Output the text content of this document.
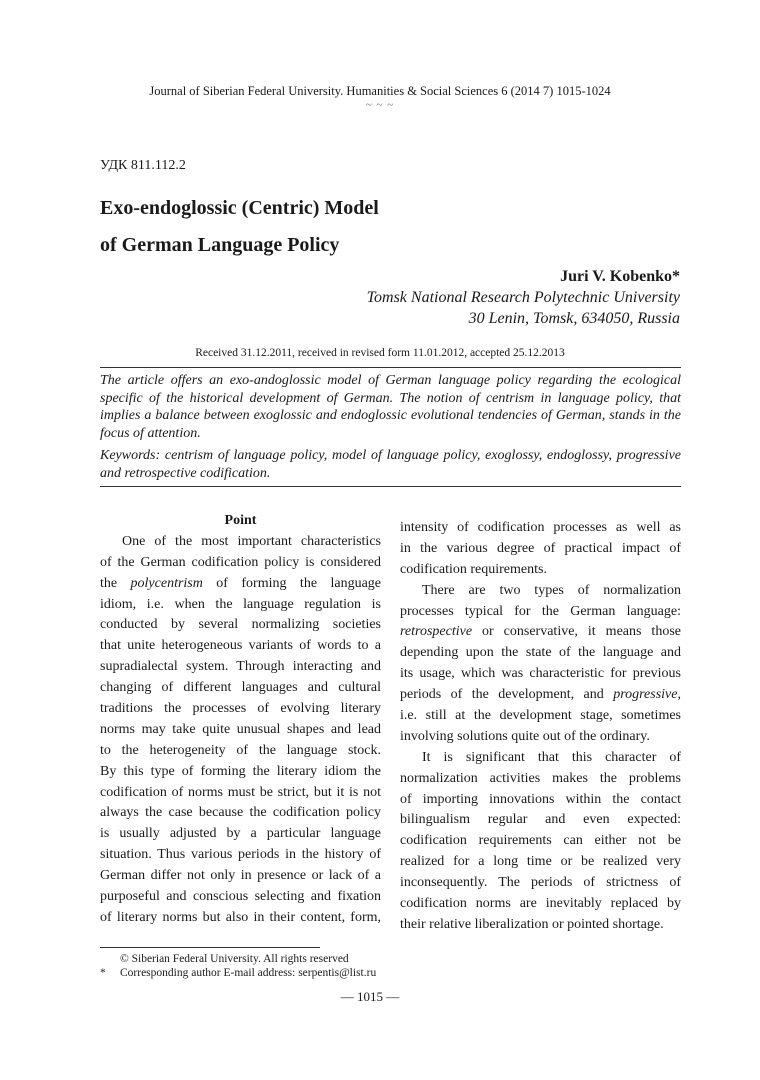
Journal of Siberian Federal University. Humanities & Social Sciences 6 (2014 7) 1015-1024
~ ~ ~
УДК 811.112.2
Exo-endoglossic (Centric) Model
of German Language Policy
Juri V. Kobenko*
Tomsk National Research Polytechnic University
30 Lenin, Tomsk, 634050, Russia
Received 31.12.2011, received in revised form 11.01.2012, accepted 25.12.2013
The article offers an exo-andoglossic model of German language policy regarding the ecological specific of the historical development of German. The notion of centrism in language policy, that implies a balance between exoglossic and endoglossic evolutional tendencies of German, stands in the focus of attention.
Keywords: centrism of language policy, model of language policy, exoglossy, endoglossy, progressive and retrospective codification.
Point
One of the most important characteristics
of the German codification policy is considered
the polycentrism of forming the language
idiom, i.e. when the language regulation is
conducted by several normalizing societies
that unite heterogeneous variants of words to a
supradialectal system. Through interacting and
changing of different languages and cultural
traditions the processes of evolving literary
norms may take quite unusual shapes and lead
to the heterogeneity of the language stock.
By this type of forming the literary idiom the
codification of norms must be strict, but it is not
always the case because the codification policy
is usually adjusted by a particular language
situation. Thus various periods in the history of
German differ not only in presence or lack of a
purposeful and conscious selecting and fixation
of literary norms but also in their content, form,
intensity of codification processes as well as
in the various degree of practical impact of
codification requirements.
There are two types of normalization
processes typical for the German language:
retrospective or conservative, it means those
depending upon the state of the language and
its usage, which was characteristic for previous
periods of the development, and progressive,
i.e. still at the development stage, sometimes
involving solutions quite out of the ordinary.
It is significant that this character of
normalization activities makes the problems
of importing innovations within the contact
bilingualism regular and even expected:
codification requirements can either not be
realized for a long time or be realized very
inconsequently. The periods of strictness of
codification norms are inevitably replaced by
their relative liberalization or pointed shortage.
© Siberian Federal University. All rights reserved
* Corresponding author E-mail address: serpentis@list.ru
— 1015 —
